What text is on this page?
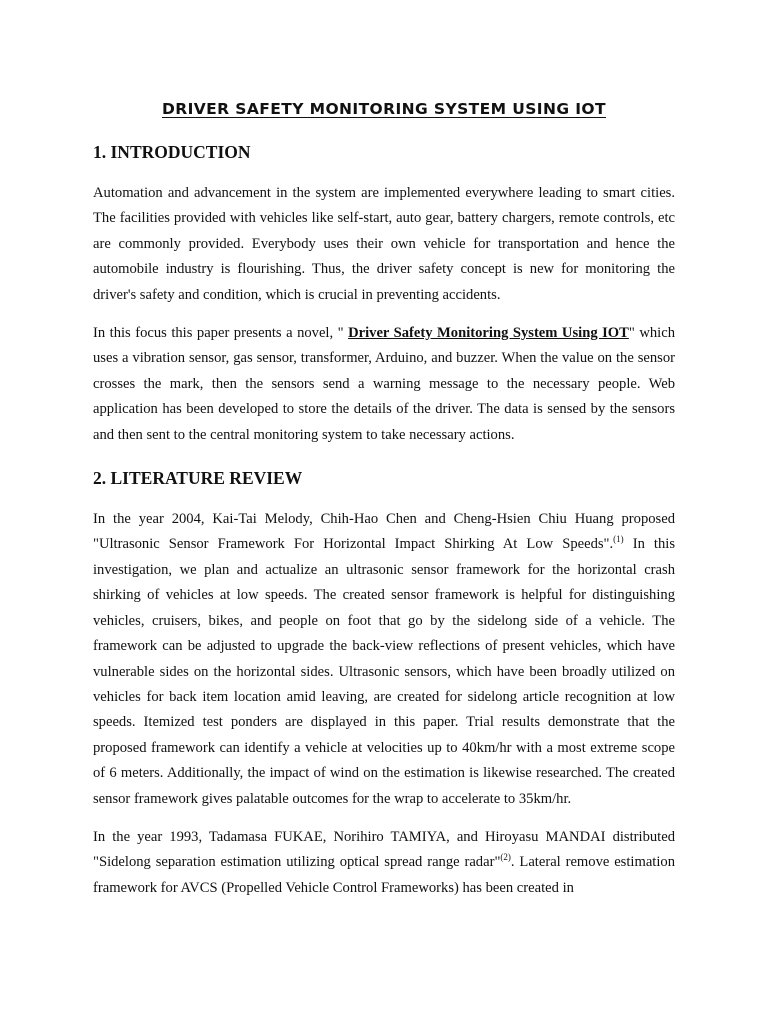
DRIVER SAFETY MONITORING SYSTEM USING IOT
1. INTRODUCTION

Automation and advancement in the system are implemented everywhere leading to smart cities. The facilities provided with vehicles like self-start, auto gear, battery chargers, remote controls, etc are commonly provided. Everybody uses their own vehicle for transportation and hence the automobile industry is flourishing. Thus, the driver safety concept is new for monitoring the driver's safety and condition, which is crucial in preventing accidents.

In this focus this paper presents a novel, " Driver Safety Monitoring System Using IOT" which uses a vibration sensor, gas sensor, transformer, Arduino, and buzzer. When the value on the sensor crosses the mark, then the sensors send a warning message to the necessary people. Web application has been developed to store the details of the driver. The data is sensed by the sensors and then sent to the central monitoring system to take necessary actions.

2. LITERATURE REVIEW

In the year 2004, Kai-Tai Melody, Chih-Hao Chen and Cheng-Hsien Chiu Huang proposed "Ultrasonic Sensor Framework For Horizontal Impact Shirking At Low Speeds".$^{(1)}$ In this investigation, we plan and actualize an ultrasonic sensor framework for the horizontal crash shirking of vehicles at low speeds. The created sensor framework is helpful for distinguishing vehicles, cruisers, bikes, and people on foot that go by the sidelong side of a vehicle. The framework can be adjusted to upgrade the back-view reflections of present vehicles, which have vulnerable sides on the horizontal sides. Ultrasonic sensors, which have been broadly utilized on vehicles for back item location amid leaving, are created for sidelong article recognition at low speeds. Itemized test ponders are displayed in this paper. Trial results demonstrate that the proposed framework can identify a vehicle at velocities up to 40km/hr with a most extreme scope of 6 meters. Additionally, the impact of wind on the estimation is likewise researched. The created sensor framework gives palatable outcomes for the wrap to accelerate to 35km/hr.

In the year 1993, Tadamasa FUKAE, Norihiro TAMIYA, and Hiroyasu MANDAI distributed "Sidelong separation estimation utilizing optical spread range radar"$^{(2)}$. Lateral remove estimation framework for AVCS (Propelled Vehicle Control Frameworks) has been created in
